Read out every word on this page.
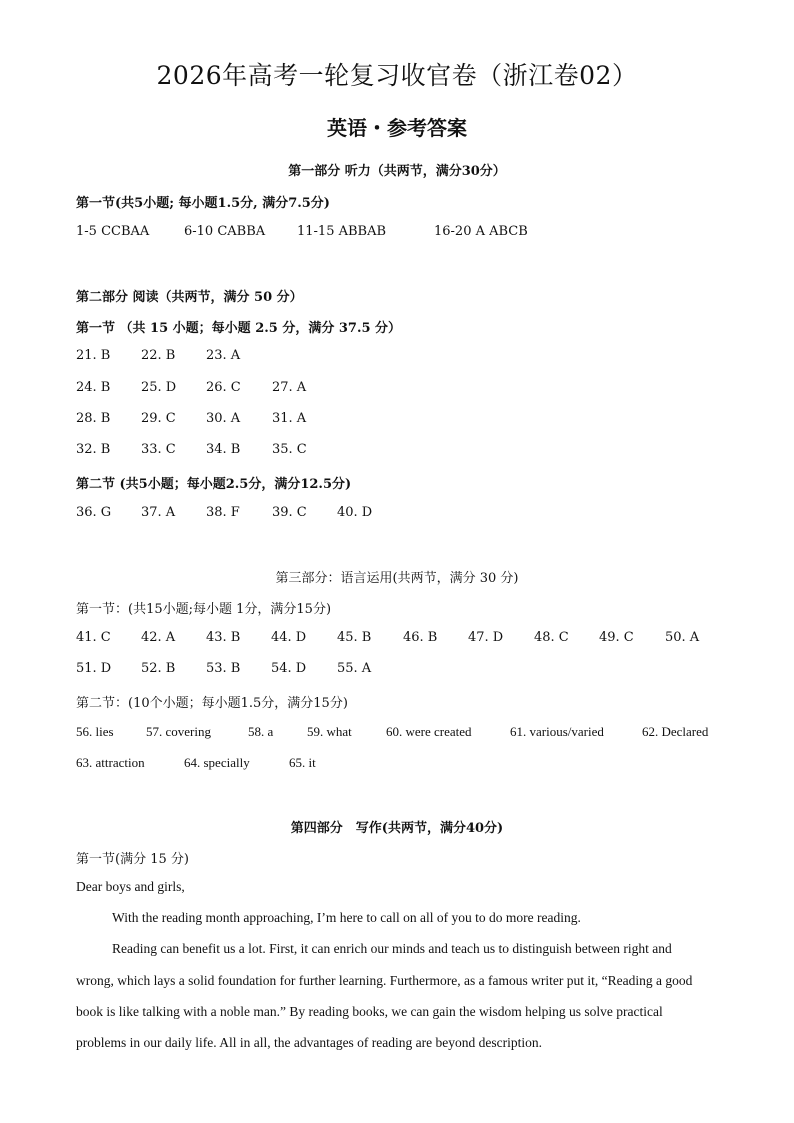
2026年高考一轮复习收官卷（浙江卷02）
英语・参考答案
第一部分 听力（共两节，满分30分）
第一节(共5小题; 每小题1.5分, 满分7.5分)
1-5 CCBAA	6-10 CABBA 11-15 ABBAB	16-20 A ABCB
第二部分 阅读（共两节，满分 50 分）
第一节 （共 15 小题；每小题 2.5 分，满分 37.5 分）
21. B 22. B 23. A
24. B 25. D 26. C 27. A
28. B 29. C 30. A 31. A
32. B 33. C 34. B 35. C
第二节 (共5小题；每小题2.5分，满分12.5分)
36. G 37. A 38. F 39. C 40. D
第三部分：语言运用(共两节，满分 30 分)
第一节：(共15小题;每小题 1分，满分15分)
41. C 42. A 43. B 44. D 45. B 46. B 47. D 48. C 49. C 50. A
51. D 52. B 53. B 54. D 55. A
第二节：(10个小题；每小题1.5分，满分15分)
56. lies 57. covering	58. a	59. what	60. were created	61. various/varied	62. Declared
63. attraction	64. specially	65. it
第四部分　写作(共两节，满分40分)
第一节(满分 15 分)
Dear boys and girls,
With the reading month approaching, I’m here to call on all of you to do more reading.
Reading can benefit us a lot. First, it can enrich our minds and teach us to distinguish between right and
wrong, which lays a solid foundation for further learning. Furthermore, as a famous writer put it, “Reading a good
book is like talking with a noble man.” By reading books, we can gain the wisdom helping us solve practical
problems in our daily life. All in all, the advantages of reading are beyond description.
